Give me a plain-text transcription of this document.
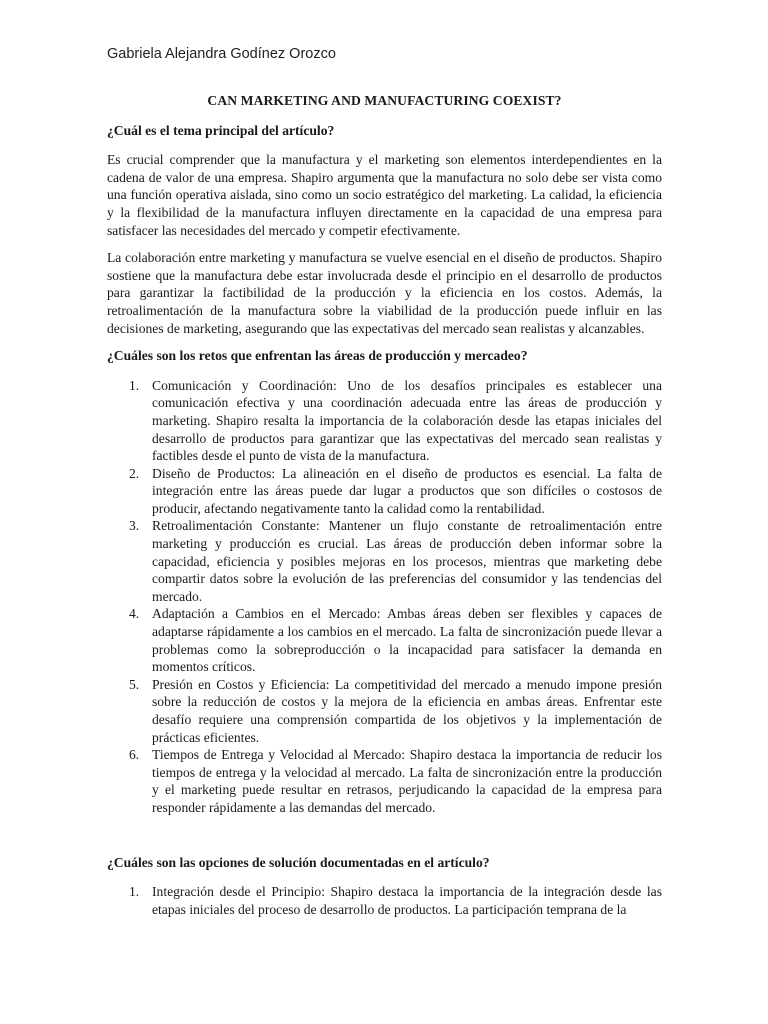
Gabriela Alejandra Godínez Orozco
CAN MARKETING AND MANUFACTURING COEXIST?
¿Cuál es el tema principal del artículo?

Es crucial comprender que la manufactura y el marketing son elementos interdependientes en la cadena de valor de una empresa. Shapiro argumenta que la manufactura no solo debe ser vista como una función operativa aislada, sino como un socio estratégico del marketing. La calidad, la eficiencia y la flexibilidad de la manufactura influyen directamente en la capacidad de una empresa para satisfacer las necesidades del mercado y competir efectivamente.

La colaboración entre marketing y manufactura se vuelve esencial en el diseño de productos. Shapiro sostiene que la manufactura debe estar involucrada desde el principio en el desarrollo de productos para garantizar la factibilidad de la producción y la eficiencia en los costos. Además, la retroalimentación de la manufactura sobre la viabilidad de la producción puede influir en las decisiones de marketing, asegurando que las expectativas del mercado sean realistas y alcanzables.

¿Cuáles son los retos que enfrentan las áreas de producción y mercadeo?
1. Comunicación y Coordinación: Uno de los desafíos principales es establecer una comunicación efectiva y una coordinación adecuada entre las áreas de producción y marketing. Shapiro resalta la importancia de la colaboración desde las etapas iniciales del desarrollo de productos para garantizar que las expectativas del mercado sean realistas y factibles desde el punto de vista de la manufactura.
2. Diseño de Productos: La alineación en el diseño de productos es esencial. La falta de integración entre las áreas puede dar lugar a productos que son difíciles o costosos de producir, afectando negativamente tanto la calidad como la rentabilidad.
3. Retroalimentación Constante: Mantener un flujo constante de retroalimentación entre marketing y producción es crucial. Las áreas de producción deben informar sobre la capacidad, eficiencia y posibles mejoras en los procesos, mientras que marketing debe compartir datos sobre la evolución de las preferencias del consumidor y las tendencias del mercado.
4. Adaptación a Cambios en el Mercado: Ambas áreas deben ser flexibles y capaces de adaptarse rápidamente a los cambios en el mercado. La falta de sincronización puede llevar a problemas como la sobreproducción o la incapacidad para satisfacer la demanda en momentos críticos.
5. Presión en Costos y Eficiencia: La competitividad del mercado a menudo impone presión sobre la reducción de costos y la mejora de la eficiencia en ambas áreas. Enfrentar este desafío requiere una comprensión compartida de los objetivos y la implementación de prácticas eficientes.
6. Tiempos de Entrega y Velocidad al Mercado: Shapiro destaca la importancia de reducir los tiempos de entrega y la velocidad al mercado. La falta de sincronización entre la producción y el marketing puede resultar en retrasos, perjudicando la capacidad de la empresa para responder rápidamente a las demandas del mercado.
¿Cuáles son las opciones de solución documentadas en el artículo?
1. Integración desde el Principio: Shapiro destaca la importancia de la integración desde las etapas iniciales del proceso de desarrollo de productos. La participación temprana de la
